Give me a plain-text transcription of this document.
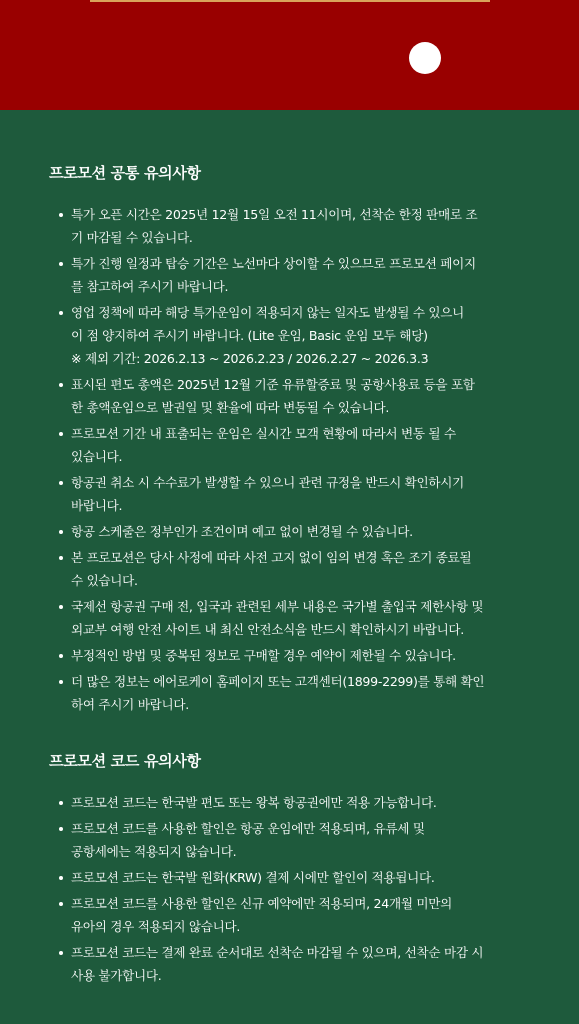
프로모션 공통 유의사항
특가 오픈 시간은 2025년 12월 15일 오전 11시이며, 선착순 한정 판매로 조
기 마감될 수 있습니다.
특가 진행 일정과 탑승 기간은 노선마다 상이할 수 있으므로 프로모션 페이지
를 참고하여 주시기 바랍니다.
영업 정책에 따라 해당 특가운임이 적용되지 않는 일자도 발생될 수 있으니
이 점 양지하여 주시기 바랍니다. (Lite 운임, Basic 운임 모두 해당)
※ 제외 기간: 2026.2.13 ~ 2026.2.23 / 2026.2.27 ~ 2026.3.3
표시된 편도 총액은 2025년 12월 기준 유류할증료 및 공항사용료 등을 포함
한 총액운임으로 발권일 및 환율에 따라 변동될 수 있습니다.
프로모션 기간 내 표출되는 운임은 실시간 모객 현황에 따라서 변동 될 수
있습니다.
항공권 취소 시 수수료가 발생할 수 있으니 관련 규정을 반드시 확인하시기
바랍니다.
항공 스케줄은 정부인가 조건이며 예고 없이 변경될 수 있습니다.
본 프로모션은 당사 사정에 따라 사전 고지 없이 임의 변경 혹은 조기 종료될
수 있습니다.
국제선 항공권 구매 전, 입국과 관련된 세부 내용은 국가별 출입국 제한사항 및
외교부 여행 안전 사이트 내 최신 안전소식을 반드시 확인하시기 바랍니다.
부정적인 방법 및 중복된 정보로 구매할 경우 예약이 제한될 수 있습니다.
더 많은 정보는 에어로케이 홈페이지 또는 고객센터(1899-2299)를 통해 확인
하여 주시기 바랍니다.
프로모션 코드 유의사항
프로모션 코드는 한국발 편도 또는 왕복 항공권에만 적용 가능합니다.
프로모션 코드를 사용한 할인은 항공 운임에만 적용되며, 유류세 및
공항세에는 적용되지 않습니다.
프로모션 코드는 한국발 원화(KRW) 결제 시에만 할인이 적용됩니다.
프로모션 코드를 사용한 할인은 신규 예약에만 적용되며, 24개월 미만의
유아의 경우 적용되지 않습니다.
프로모션 코드는 결제 완료 순서대로 선착순 마감될 수 있으며, 선착순 마감 시
사용 불가합니다.
